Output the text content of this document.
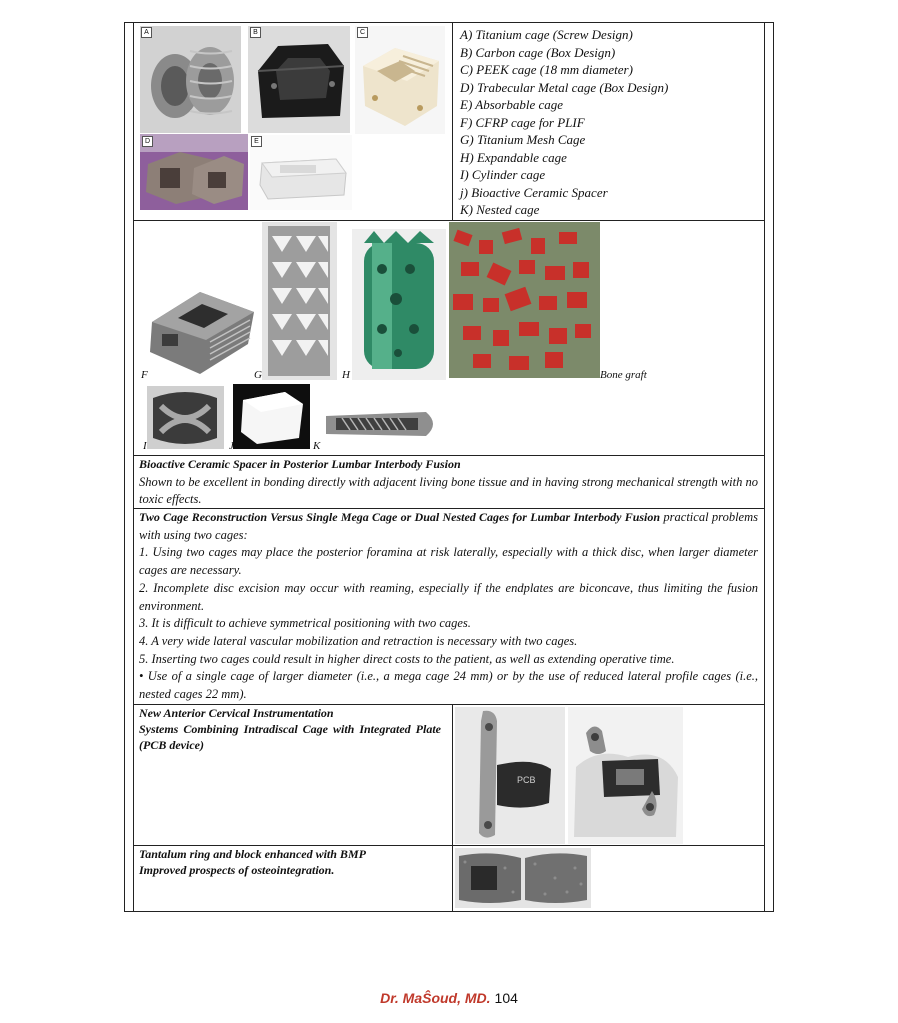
A	B	C
D	E
A) Titanium cage (Screw Design)
B) Carbon cage (Box Design)
C) PEEK cage (18 mm diameter)
D) Trabecular Metal cage (Box Design)
E) Absorbable cage
F) CFRP cage for PLIF
G) Titanium Mesh Cage
H) Expandable cage
I) Cylinder cage
j) Bioactive Ceramic Spacer
K) Nested cage
F	G	H	Bone graft
I	J	K

Bioactive Ceramic Spacer in Posterior Lumbar Interbody Fusion

Shown to be excellent in bonding directly with adjacent living bone tissue and in having strong mechanical strength with no toxic effects.

Two Cage Reconstruction Versus Single Mega Cage or Dual Nested Cages for Lumbar Interbody Fusion practical problems with using two cages:

1. Using two cages may place the posterior foramina at risk laterally, especially with a thick disc, when larger diameter cages are necessary.

2. Incomplete disc excision may occur with reaming, especially if the endplates are biconcave, thus limiting the fusion environment.

3. It is difficult to achieve symmetrical positioning with two cages.

4. A very wide lateral vascular mobilization and retraction is necessary with two cages.

5. Inserting two cages could result in higher direct costs to the patient, as well as extending operative time.

• Use of a single cage of larger diameter (i.e., a mega cage 24 mm) or by the use of reduced lateral profile cages (i.e., nested cages 22 mm).

New Anterior Cervical Instrumentation
Systems Combining Intradiscal Cage with Integrated Plate (PCB device)
PCB
Tantalum ring and block enhanced with BMP
Improved prospects of osteointegration.
Dr. MaŜoud, MD. 104
